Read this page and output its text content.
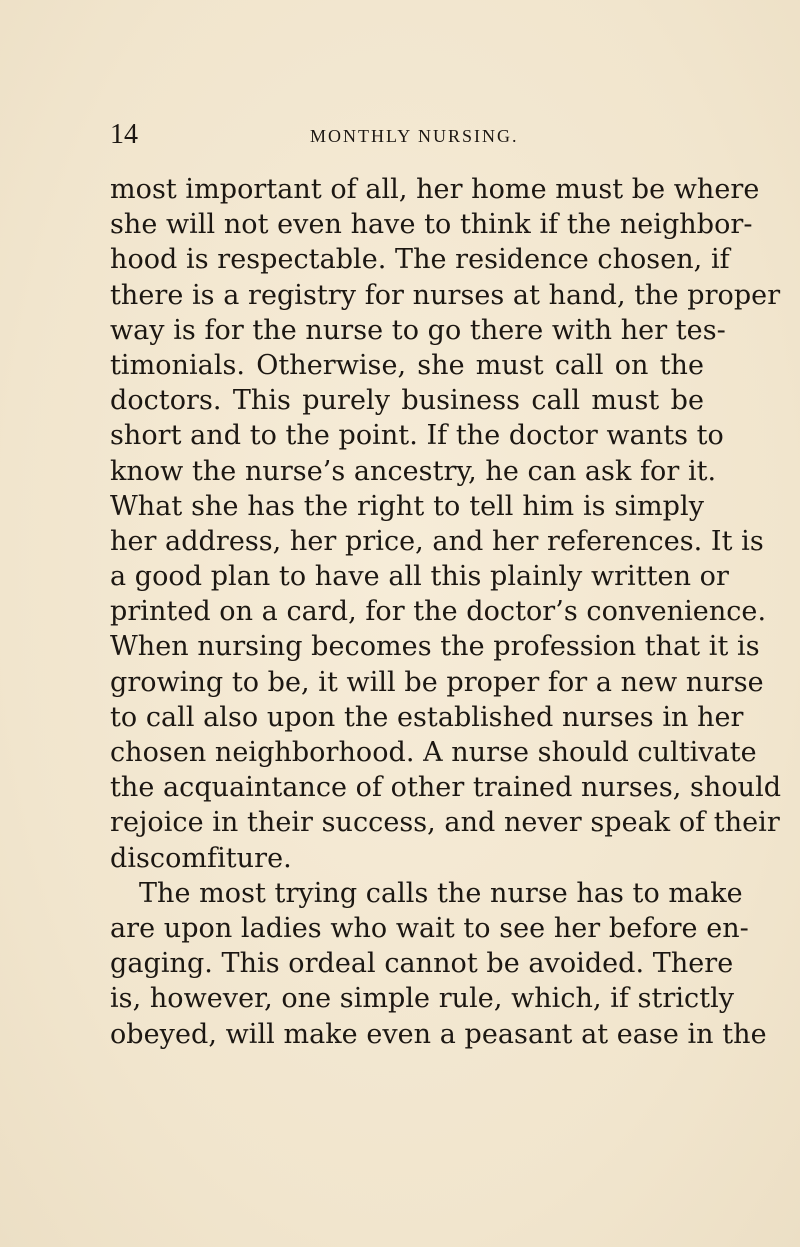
14	MONTHLY NURSING.
most important of all, her home must be where
she will not even have to think if the neighbor-
hood is respectable. The residence chosen, if
there is a registry for nurses at hand, the proper
way is for the nurse to go there with her tes-
timonials. Otherwise, she must call on the
doctors. This purely business call must be
short and to the point. If the doctor wants to
know the nurse’s ancestry, he can ask for it.
What she has the right to tell him is simply
her address, her price, and her references. It is
a good plan to have all this plainly written or
printed on a card, for the doctor’s convenience.
When nursing becomes the profession that it is
growing to be, it will be proper for a new nurse
to call also upon the established nurses in her
chosen neighborhood. A nurse should cultivate
the acquaintance of other trained nurses, should
rejoice in their success, and never speak of their
discomfiture.
The most trying calls the nurse has to make
are upon ladies who wait to see her before en-
gaging. This ordeal cannot be avoided. There
is, however, one simple rule, which, if strictly
obeyed, will make even a peasant at ease in the
